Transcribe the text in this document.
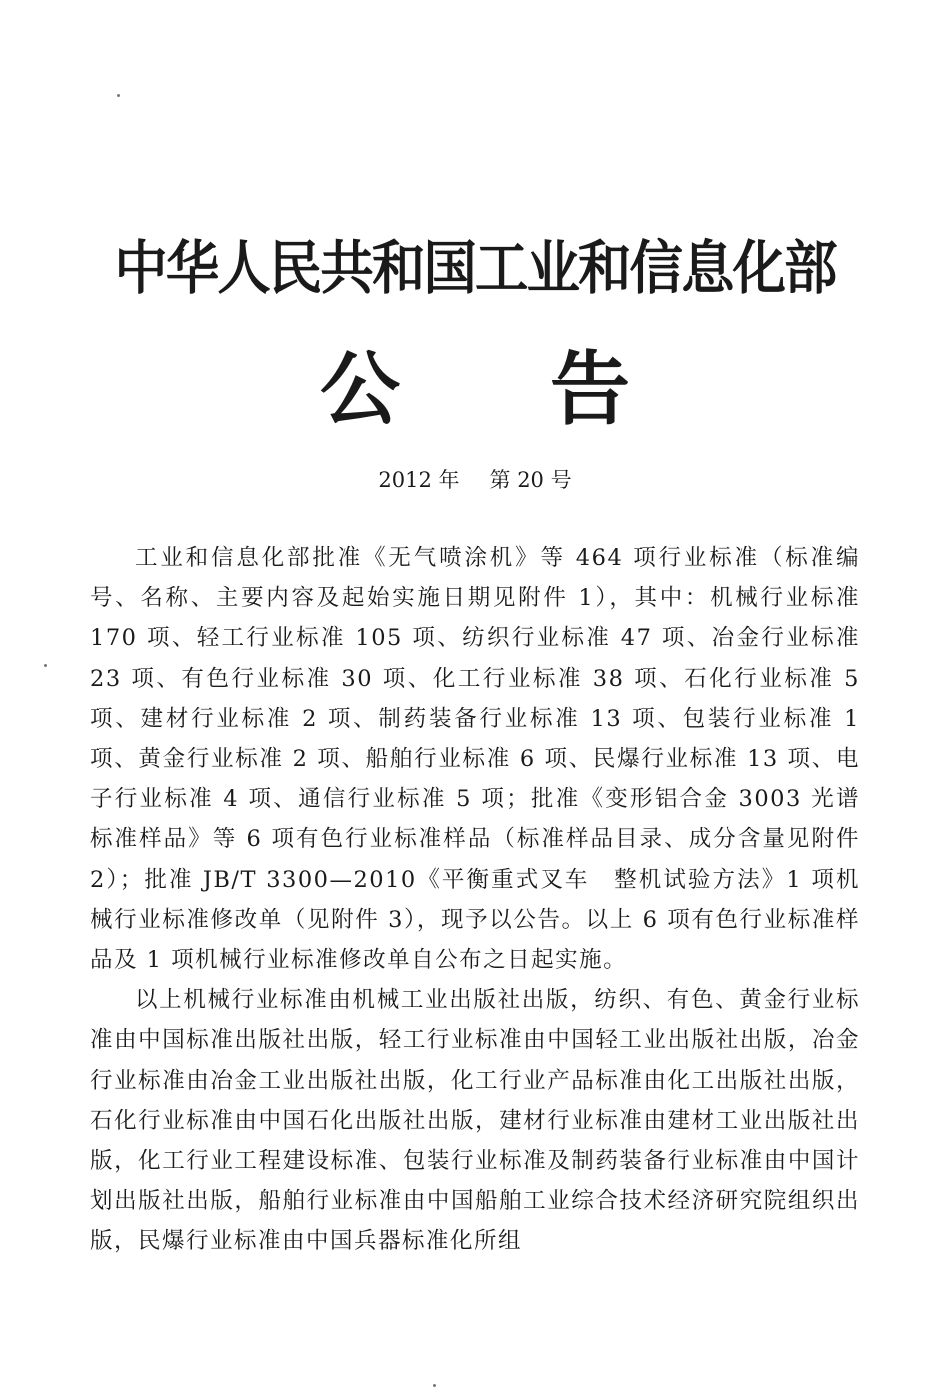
中华人民共和国工业和信息化部
公 告
2012 年 第 20 号

工业和信息化部批准《无气喷涂机》等 464 项行业标准（标准编号、名称、主要内容及起始实施日期见附件 1），其中：机械行业标准 170 项、轻工行业标准 105 项、纺织行业标准 47 项、冶金行业标准 23 项、有色行业标准 30 项、化工行业标准 38 项、石化行业标准 5 项、建材行业标准 2 项、制药装备行业标准 13 项、包装行业标准 1 项、黄金行业标准 2 项、船舶行业标准 6 项、民爆行业标准 13 项、电子行业标准 4 项、通信行业标准 5 项；批准《变形铝合金 3003 光谱标准样品》等 6 项有色行业标准样品（标准样品目录、成分含量见附件 2）；批准 JB/T 3300—2010《平衡重式叉车　整机试验方法》1 项机械行业标准修改单（见附件 3），现予以公告。以上 6 项有色行业标准样品及 1 项机械行业标准修改单自公布之日起实施。

以上机械行业标准由机械工业出版社出版，纺织、有色、黄金行业标准由中国标准出版社出版，轻工行业标准由中国轻工业出版社出版，冶金行业标准由冶金工业出版社出版，化工行业产品标准由化工出版社出版，石化行业标准由中国石化出版社出版，建材行业标准由建材工业出版社出版，化工行业工程建设标准、包装行业标准及制药装备行业标准由中国计划出版社出版，船舶行业标准由中国船舶工业综合技术经济研究院组织出版，民爆行业标准由中国兵器标准化所组
